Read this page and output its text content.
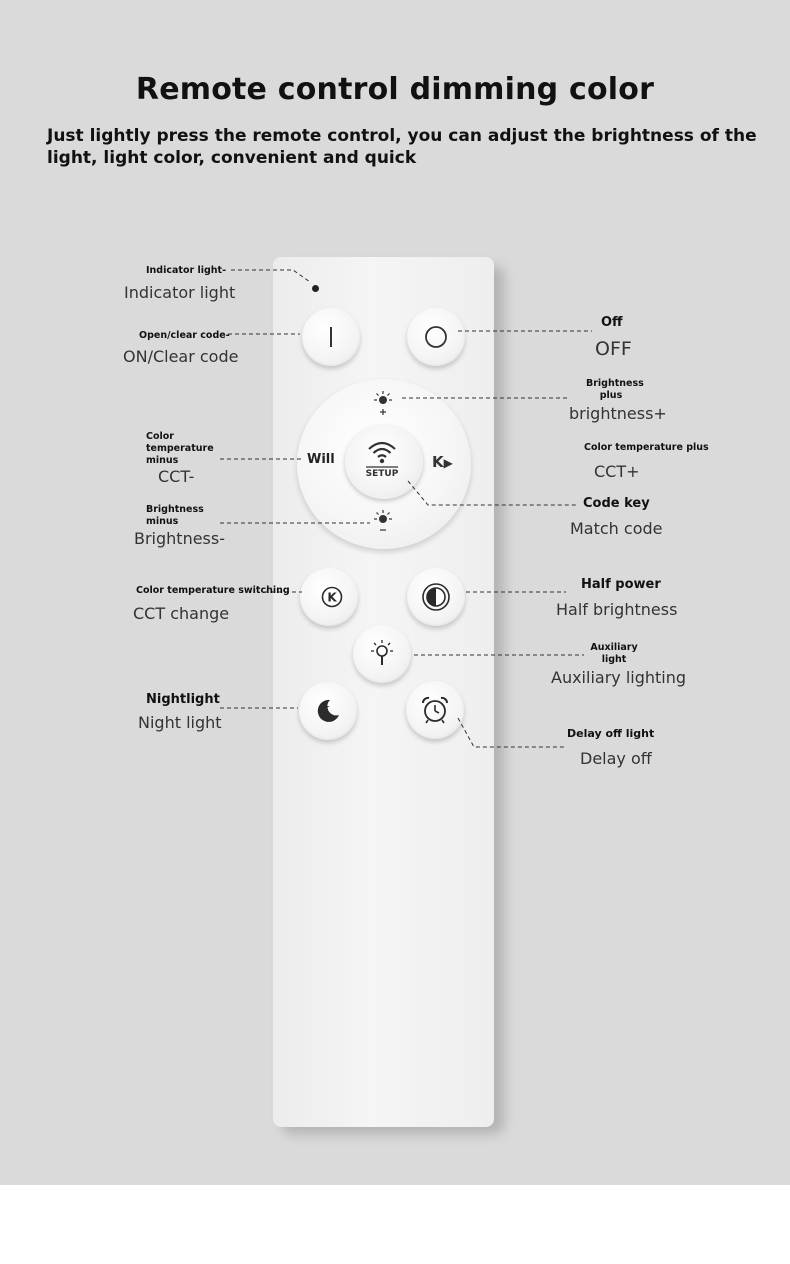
Remote control dimming color
Just lightly press the remote control, you can adjust the brightness of the light, light color, convenient and quick
Will	K▶
SETUP
K
★
Indicator light-
Indicator light
Open/clear code-
ON/Clear code
Off
OFF
Brightness
plus
brightness+
Color
temperature
minus
CCT-
Color temperature plus
CCT+
Code key
Match code
Brightness
minus
Brightness-
Color temperature switching
CCT change
Half power
Half brightness
Auxiliary
light
Auxiliary lighting
Nightlight
Night light
Delay off light
Delay off
